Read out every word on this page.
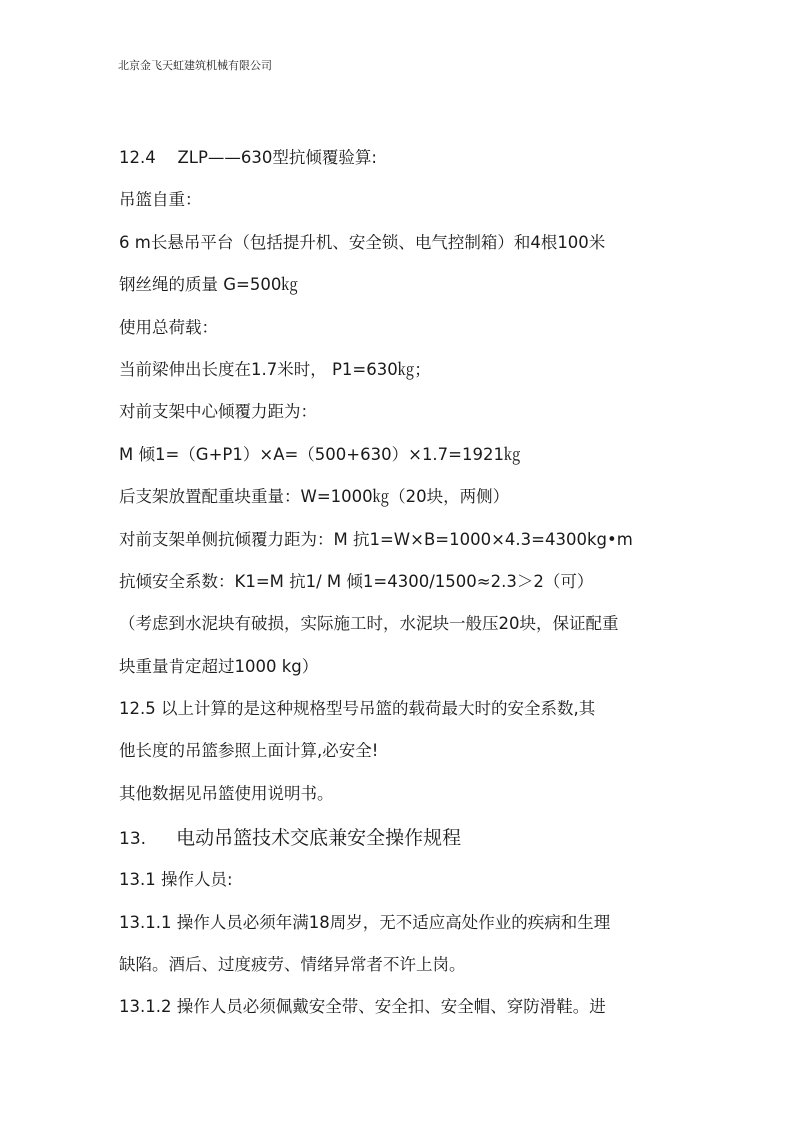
北京金飞天虹建筑机械有限公司
12.4　 ZLP——630型抗倾覆验算:
吊篮自重：
6 m长悬吊平台（包括提升机、安全锁、电气控制箱）和4根100米
钢丝绳的质量 G=500㎏
使用总荷载：
当前梁伸出长度在1.7米时， P1=630㎏；
对前支架中心倾覆力距为：
M 倾1=（G+P1）×A=（500+630）×1.7=1921㎏
后支架放置配重块重量：W=1000㎏（20块，两侧）
对前支架单侧抗倾覆力距为：M 抗1=W×B=1000×4.3=4300kg•m
抗倾安全系数：K1=M 抗1/ M 倾1=4300/1500≈2.3＞2（可）
（考虑到水泥块有破损，实际施工时，水泥块一般压20块，保证配重
块重量肯定超过1000 kg）
12.5 以上计算的是这种规格型号吊篮的载荷最大时的安全系数,其
他长度的吊篮参照上面计算,必安全!
其他数据见吊篮使用说明书。
13. 电动吊篮技术交底兼安全操作规程
13.1 操作人员:
13.1.1 操作人员必须年满18周岁，无不适应高处作业的疾病和生理
缺陷。酒后、过度疲劳、情绪异常者不许上岗。
13.1.2 操作人员必须佩戴安全带、安全扣、安全帽、穿防滑鞋。进
